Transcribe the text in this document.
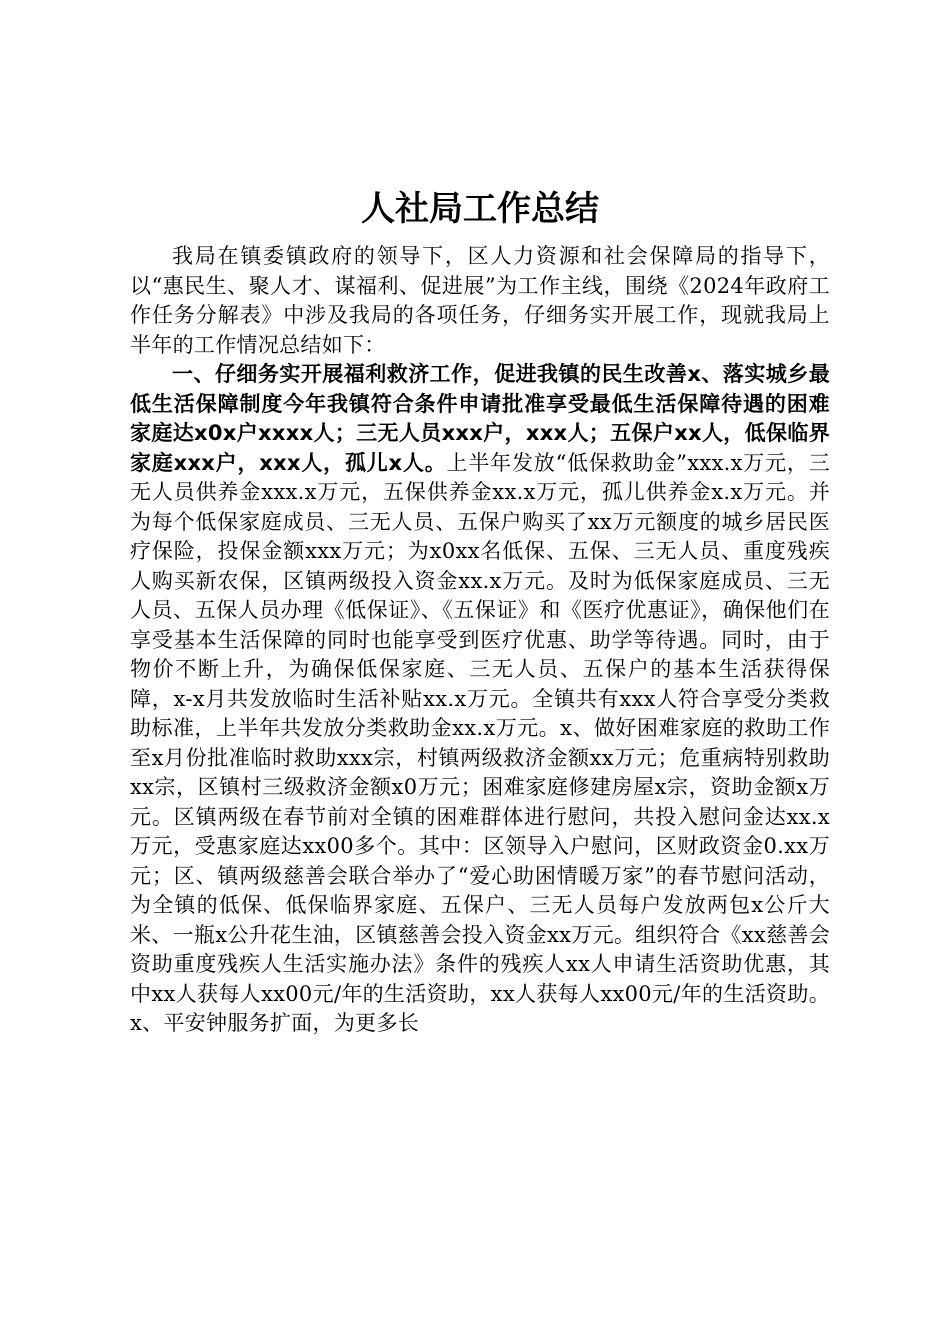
人社局工作总结

我局在镇委镇政府的领导下，区人力资源和社会保障局的指导下，以“惠民生、聚人才、谋福利、促进展”为工作主线，围绕《2024年政府工作任务分解表》中涉及我局的各项任务，仔细务实开展工作，现就我局上半年的工作情况总结如下：

一、仔细务实开展福利救济工作，促进我镇的民生改善x、落实城乡最低生活保障制度今年我镇符合条件申请批准享受最低生活保障待遇的困难家庭达x0x户xxxx人；三无人员xxx户，xxx人；五保户xx人，低保临界家庭xxx户，xxx人，孤儿x人。上半年发放“低保救助金”xxx.x万元，三无人员供养金xxx.x万元，五保供养金xx.x万元，孤儿供养金x.x万元。并为每个低保家庭成员、三无人员、五保户购买了xx万元额度的城乡居民医疗保险，投保金额xxx万元；为x0xx名低保、五保、三无人员、重度残疾人购买新农保，区镇两级投入资金xx.x万元。及时为低保家庭成员、三无人员、五保人员办理《低保证》、《五保证》和《医疗优惠证》，确保他们在享受基本生活保障的同时也能享受到医疗优惠、助学等待遇。同时，由于物价不断上升，为确保低保家庭、三无人员、五保户的基本生活获得保障，x-x月共发放临时生活补贴xx.x万元。全镇共有xxx人符合享受分类救助标准，上半年共发放分类救助金xx.x万元。x、做好困难家庭的救助工作至x月份批准临时救助xxx宗，村镇两级救济金额xx万元；危重病特别救助xx宗，区镇村三级救济金额x0万元；困难家庭修建房屋x宗，资助金额x万元。区镇两级在春节前对全镇的困难群体进行慰问，共投入慰问金达xx.x万元，受惠家庭达xx00多个。其中：区领导入户慰问，区财政资金0.xx万元；区、镇两级慈善会联合举办了“爱心助困情暖万家”的春节慰问活动，为全镇的低保、低保临界家庭、五保户、三无人员每户发放两包x公斤大米、一瓶x公升花生油，区镇慈善会投入资金xx万元。组织符合《xx慈善会资助重度残疾人生活实施办法》条件的残疾人xx人申请生活资助优惠，其中xx人获每人xx00元/年的生活资助，xx人获每人xx00元/年的生活资助。x、平安钟服务扩面，为更多长
